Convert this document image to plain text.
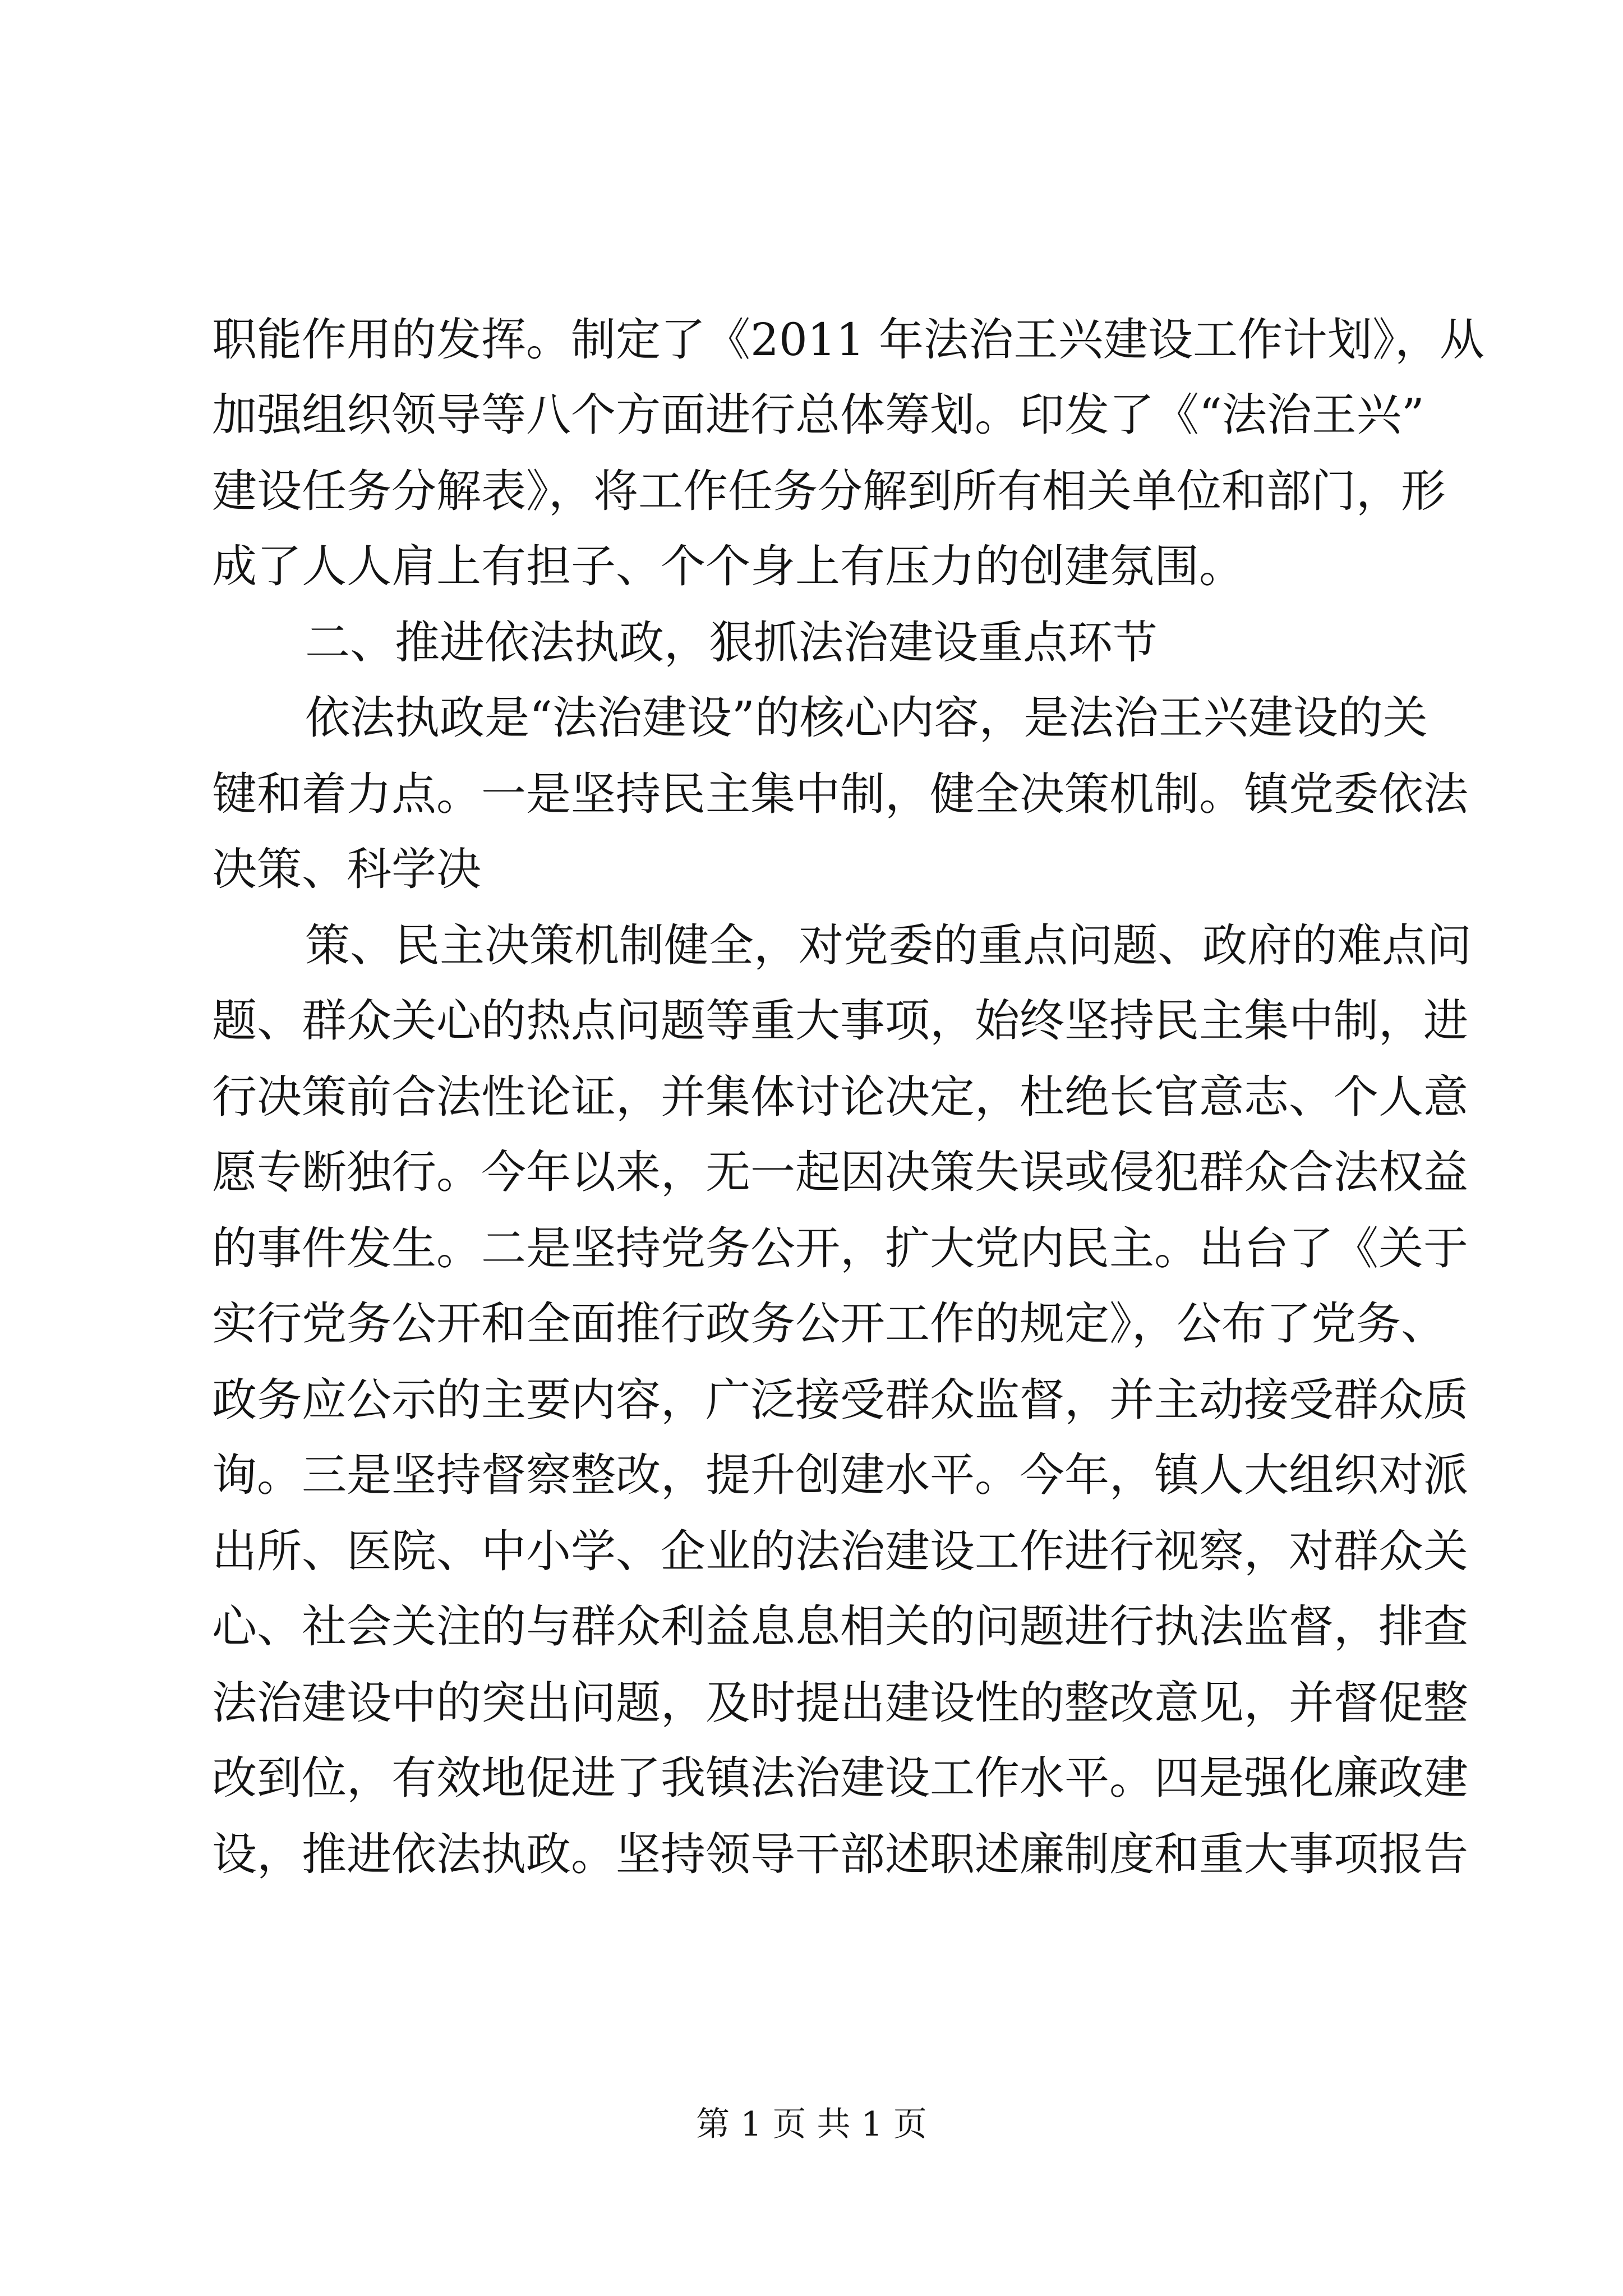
职能作用的发挥。制定了《2011 年法治王兴建设工作计划》，从
加强组织领导等八个方面进行总体筹划。印发了《“法治王兴”
建设任务分解表》，将工作任务分解到所有相关单位和部门，形
成了人人肩上有担子、个个身上有压力的创建氛围。
二、推进依法执政，狠抓法治建设重点环节
依法执政是“法治建设”的核心内容，是法治王兴建设的关
键和着力点。一是坚持民主集中制，健全决策机制。镇党委依法
决策、科学决
策、民主决策机制健全，对党委的重点问题、政府的难点问
题、群众关心的热点问题等重大事项，始终坚持民主集中制，进
行决策前合法性论证，并集体讨论决定，杜绝长官意志、个人意
愿专断独行。今年以来，无一起因决策失误或侵犯群众合法权益
的事件发生。二是坚持党务公开，扩大党内民主。出台了《关于
实行党务公开和全面推行政务公开工作的规定》，公布了党务、
政务应公示的主要内容，广泛接受群众监督，并主动接受群众质
询。三是坚持督察整改，提升创建水平。今年，镇人大组织对派
出所、医院、中小学、企业的法治建设工作进行视察，对群众关
心、社会关注的与群众利益息息相关的问题进行执法监督，排查
法治建设中的突出问题，及时提出建设性的整改意见，并督促整
改到位，有效地促进了我镇法治建设工作水平。四是强化廉政建
设，推进依法执政。坚持领导干部述职述廉制度和重大事项报告
第 1 页 共 1 页
